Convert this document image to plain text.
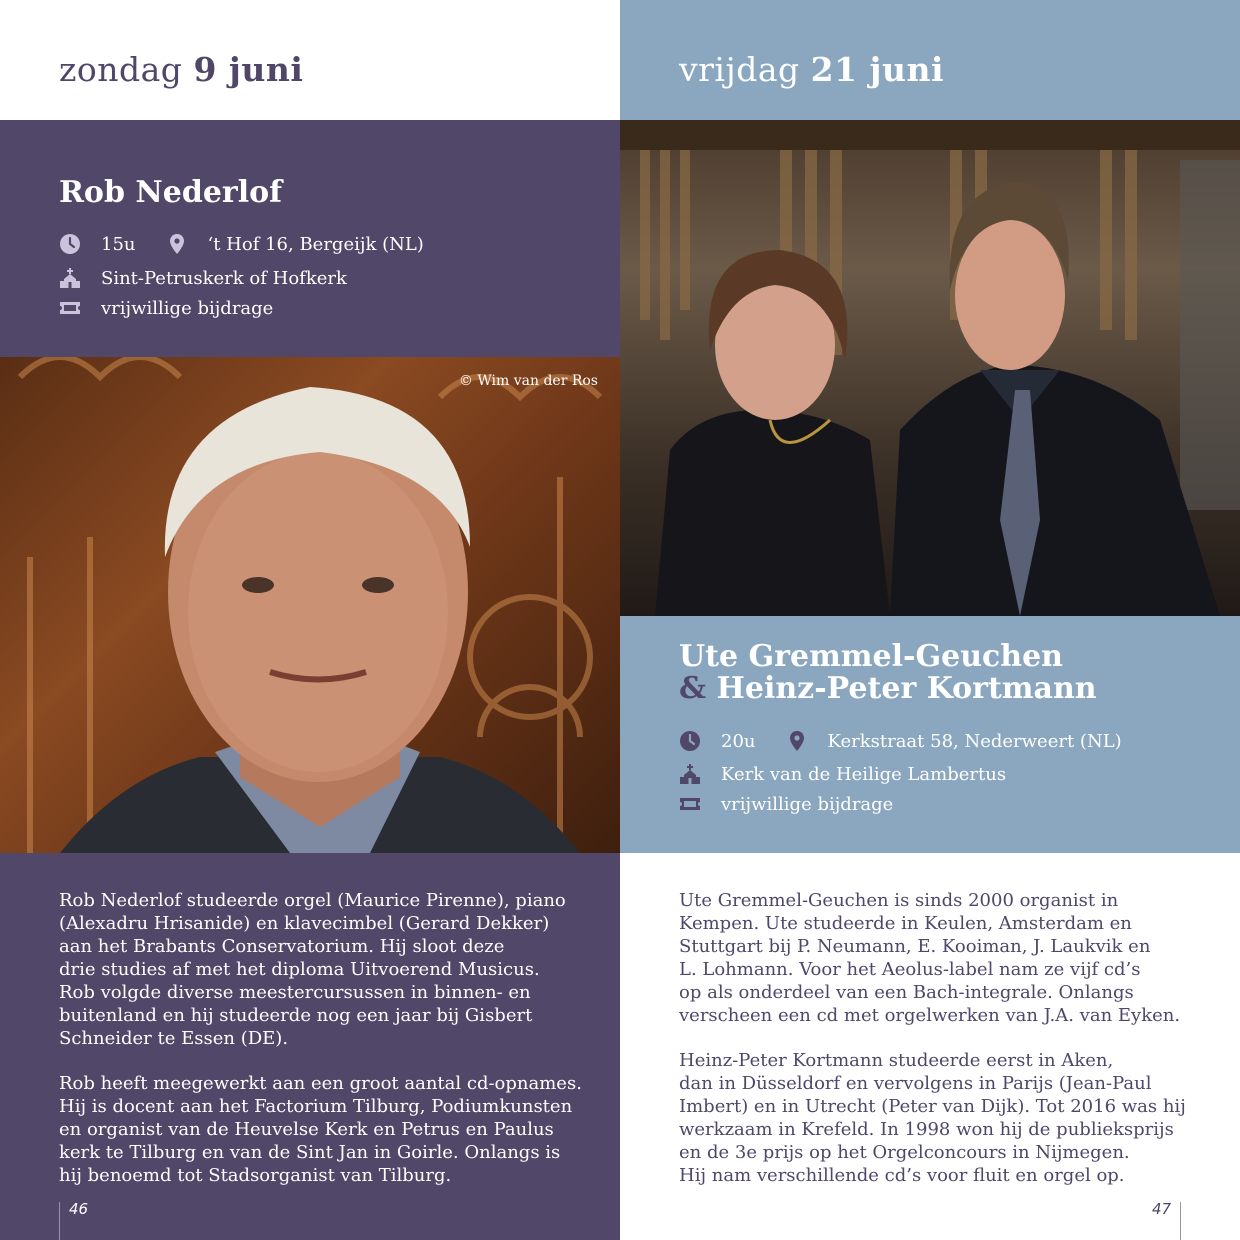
zondag 9 juni
Rob Nederlof
15u	‘t Hof 16, Bergeijk (NL)
Sint-Petruskerk of Hofkerk
vrijwillige bijdrage
© Wim van der Ros
Rob Nederlof studeerde orgel (Maurice Pirenne), piano
(Alexadru Hrisanide) en klavecimbel (Gerard Dekker)
aan het Brabants Conservatorium. Hij sloot deze
drie studies af met het diploma Uitvoerend Musicus.
Rob volgde diverse meestercursussen in binnen- en
buitenland en hij studeerde nog een jaar bij Gisbert
Schneider te Essen (DE).
Rob heeft meegewerkt aan een groot aantal cd-opnames.
Hij is docent aan het Factorium Tilburg, Podiumkunsten
en organist van de Heuvelse Kerk en Petrus en Paulus
kerk te Tilburg en van de Sint Jan in Goirle. Onlangs is
hij benoemd tot Stadsorganist van Tilburg.
46
vrijdag 21 juni
Ute Gremmel-Geuchen
& Heinz-Peter Kortmann
20u	Kerkstraat 58, Nederweert (NL)
Kerk van de Heilige Lambertus
vrijwillige bijdrage
Ute Gremmel-Geuchen is sinds 2000 organist in
Kempen. Ute studeerde in Keulen, Amsterdam en
Stuttgart bij P. Neumann, E. Kooiman, J. Laukvik en
L. Lohmann. Voor het Aeolus-label nam ze vijf cd’s
op als onderdeel van een Bach-integrale. Onlangs
verscheen een cd met orgelwerken van J.A. van Eyken.
Heinz-Peter Kortmann studeerde eerst in Aken,
dan in Düsseldorf en vervolgens in Parijs (Jean-Paul
Imbert) en in Utrecht (Peter van Dijk). Tot 2016 was hij
werkzaam in Krefeld. In 1998 won hij de publieksprijs
en de 3e prijs op het Orgelconcours in Nijmegen.
Hij nam verschillende cd’s voor fluit en orgel op.
47
